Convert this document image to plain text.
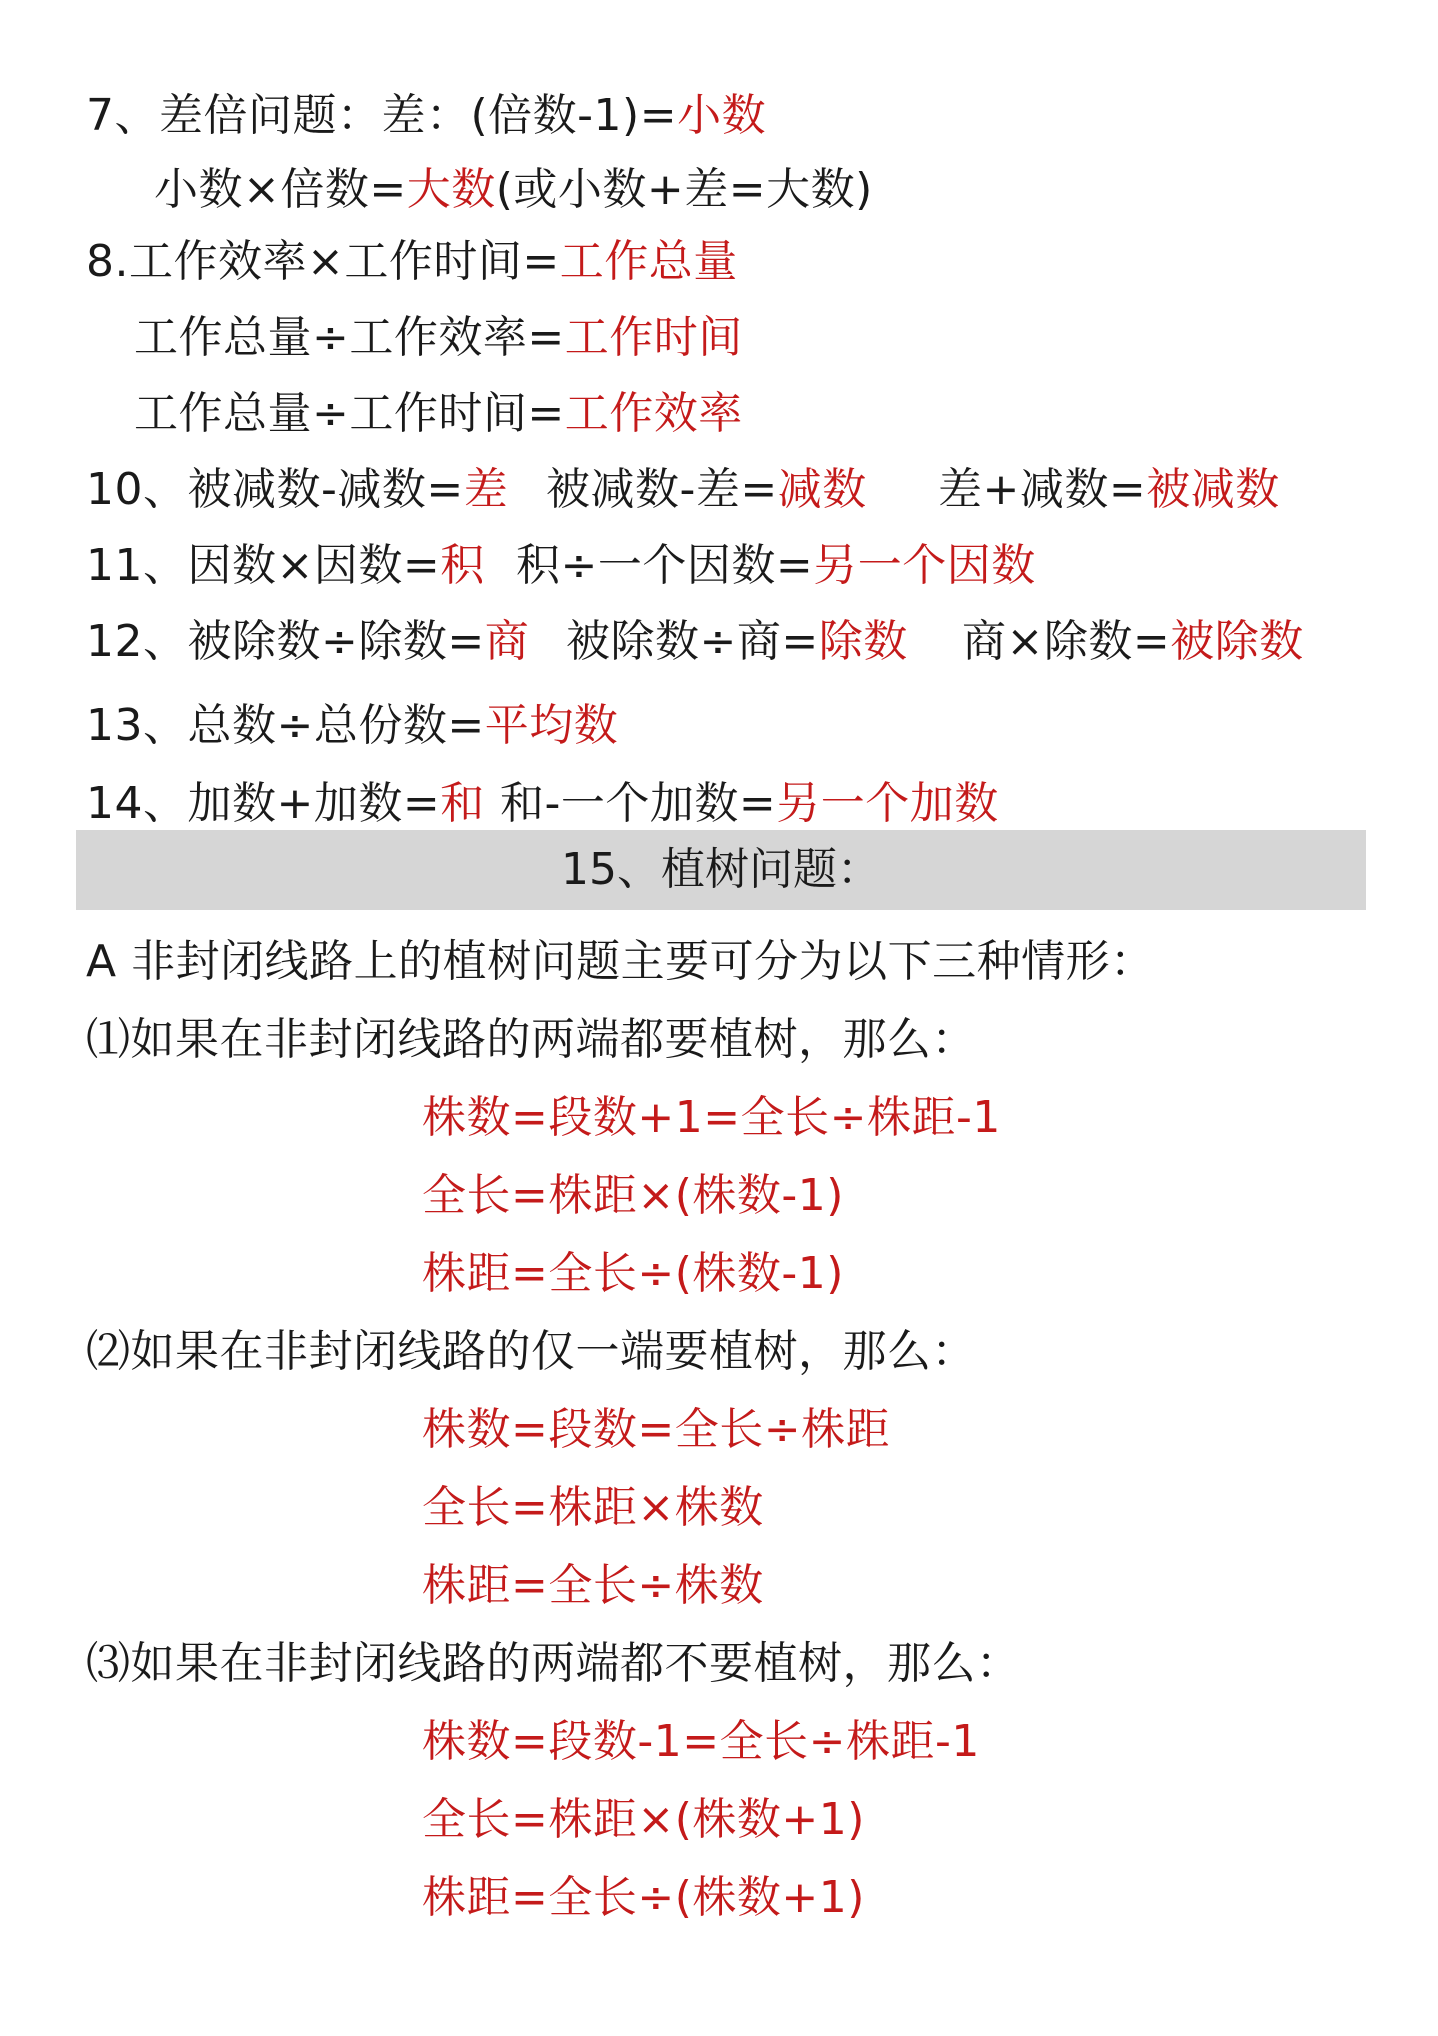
7、差倍问题：差：(倍数-1)=小数
小数×倍数=大数(或小数+差=大数)
8.工作效率×工作时间=工作总量
工作总量÷工作效率=工作时间
工作总量÷工作时间=工作效率
10、被减数-减数=差 被减数-差=减数 差+减数=被减数
11、因数×因数=积 积÷一个因数=另一个因数
12、被除数÷除数=商 被除数÷商=除数 商×除数=被除数
13、总数÷总份数=平均数
14、加数+加数=和 和-一个加数=另一个加数
15、植树问题：
A 非封闭线路上的植树问题主要可分为以下三种情形：
⑴如果在非封闭线路的两端都要植树，那么：
株数=段数+1=全长÷株距-1
全长=株距×(株数-1)
株距=全长÷(株数-1)
⑵如果在非封闭线路的仅一端要植树，那么：
株数=段数=全长÷株距
全长=株距×株数
株距=全长÷株数
⑶如果在非封闭线路的两端都不要植树，那么：
株数=段数-1=全长÷株距-1
全长=株距×(株数+1)
株距=全长÷(株数+1)
